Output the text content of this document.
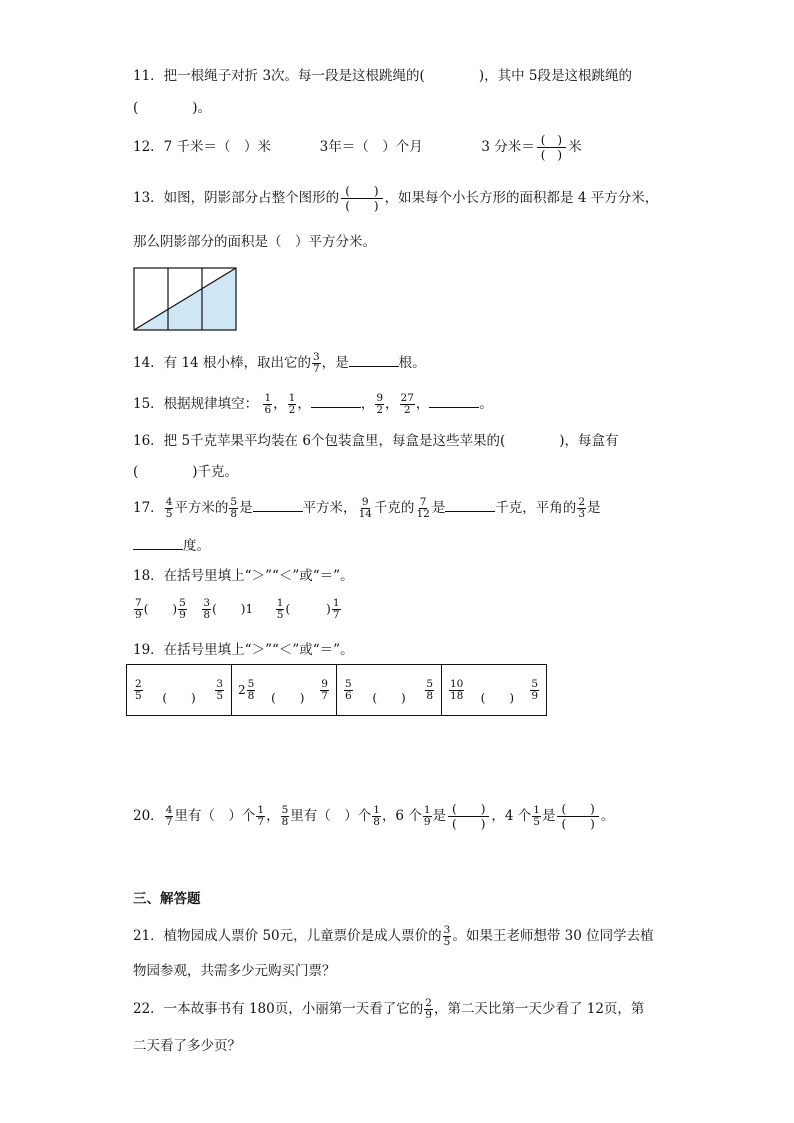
11．把一根绳子对折 3次。每一段是这根跳绳的(　　　　)，其中 5段是这根跳绳的
(　　　　)。
12．7 千米＝（　）米	3年＝（　）个月	3 分米＝ (　)
(　) 米
13．如图，阴影部分占整个图形的 (　　)
(　　) ，如果每个小长方形的面积都是 4 平方分米，
那么阴影部分的面积是（　）平方分米。
14．有 14 根小棒，取出它的 $\frac{3}{7}$ ，是	根。
15．根据规律填空： $\frac{1}{6}$ ， $\frac{1}{2}$ ，	， $\frac{9}{2}$ ， $\frac{27}{2}$ ，	。
16．把 5千克苹果平均装在 6个包装盒里，每盒是这些苹果的(　　　　)，每盒有
(　　　　)千克。
17． $\frac{4}{5}$ 平方米的 $\frac{5}{8}$ 是	平方米， $\frac{9}{14}$ 千克的 $\frac{7}{12}$ 是	千克，平角的 $\frac{2}{3}$ 是
度。
18．在括号里填上“＞”“＜”或“＝”。
$\frac{7}{9}$ (　　) $\frac{5}{9}$
$\frac{3}{8}$ (　　)$1 \frac{1}{5}$ (　　　) $\frac{1}{7}$
19．在括号里填上“＞”“＜”或“＝”。
$\frac{2}{5}$ (　　) $\frac{3}{5}$	$2 \frac{5}{8}$ (　　) $\frac{9}{7}$	$\frac{5}{6}$ (　　) $\frac{5}{8}$	$\frac{10}{18}$ (　　) $\frac{5}{9}$
20． $\frac{4}{7}$ 里有（　）个 $\frac{1}{7}$ ， $\frac{5}{8}$ 里有（　）个 $\frac{1}{8}$ ，6 个 $\frac{1}{9}$ 是 (　　)
(　　) ，4 个 $\frac{1}{5}$ 是 (　　)
(　　) 。
三、解答题
21．植物园成人票价 50元，儿童票价是成人票价的 $\frac{3}{5}$ 。如果王老师想带 30 位同学去植
物园参观，共需多少元购买门票？
22．一本故事书有 180页，小丽第一天看了它的 $\frac{2}{9}$ ，第二天比第一天少看了 12页，第
二天看了多少页？
